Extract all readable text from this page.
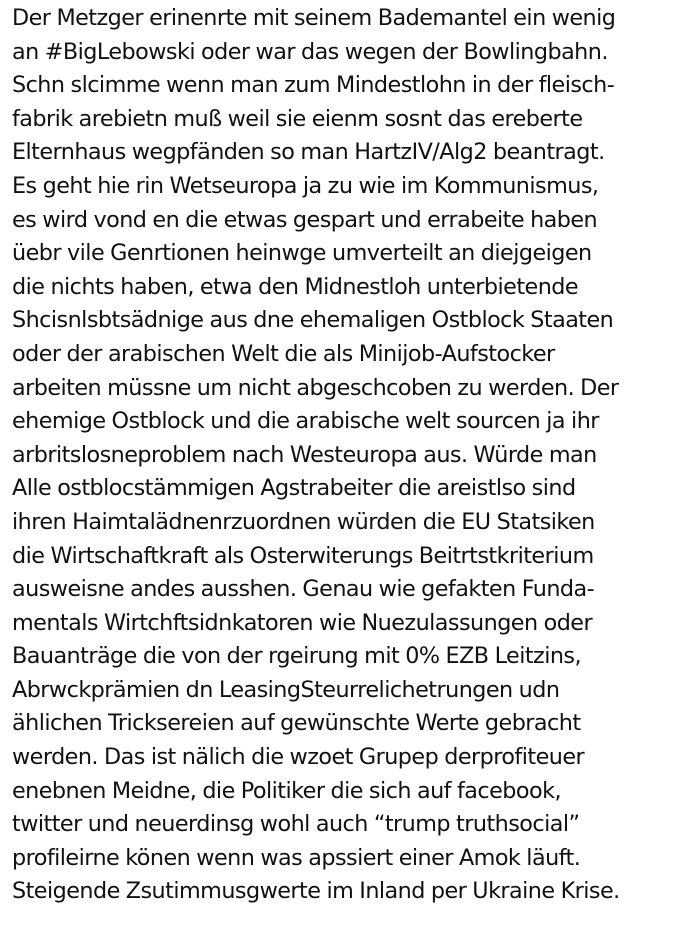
Der Metzger erinenrte mit seinem Bademantel ein wenig
an #BigLebowski oder war das wegen der Bowlingbahn.
Schn slcimme wenn man zum Mindestlohn in der fleisch-
fabrik arebietn muß weil sie eienm sosnt das ereberte
Elternhaus wegpfänden so man HartzIV/Alg2 beantragt.
Es geht hie rin Wetseuropa ja zu wie im Kommunismus,
es wird vond en die etwas gespart und errabeite haben
üebr vile Genrtionen heinwge umverteilt an diejgeigen
die nichts haben, etwa den Midnestloh unterbietende
Shcisnlsbtsädnige aus dne ehemaligen Ostblock Staaten
oder der arabischen Welt die als Minijob-Aufstocker
arbeiten müssne um nicht abgeschcoben zu werden. Der
ehemige Ostblock und die arabische welt sourcen ja ihr
arbritslosneproblem nach Westeuropa aus. Würde man
Alle ostblocstämmigen Agstrabeiter die areistlso sind
ihren Haimtalädnenrzuordnen würden die EU Statsiken
die Wirtschaftkraft als Osterwiterungs Beitrtstkriterium
ausweisne andes ausshen. Genau wie gefakten Funda-
mentals Wirtchftsidnkatoren wie Nuezulassungen oder
Bauanträge die von der rgeirung mit 0% EZB Leitzins,
Abrwckprämien dn LeasingSteurrelichetrungen udn
ählichen Tricksereien auf gewünschte Werte gebracht
werden. Das ist nälich die wzoet Grupep derprofiteuer
enebnen Meidne, die Politiker die sich auf facebook,
twitter und neuerdinsg wohl auch “trump truthsocial”
profileirne könen wenn was apssiert einer Amok läuft.
Steigende Zsutimmusgwerte im Inland per Ukraine Krise.
